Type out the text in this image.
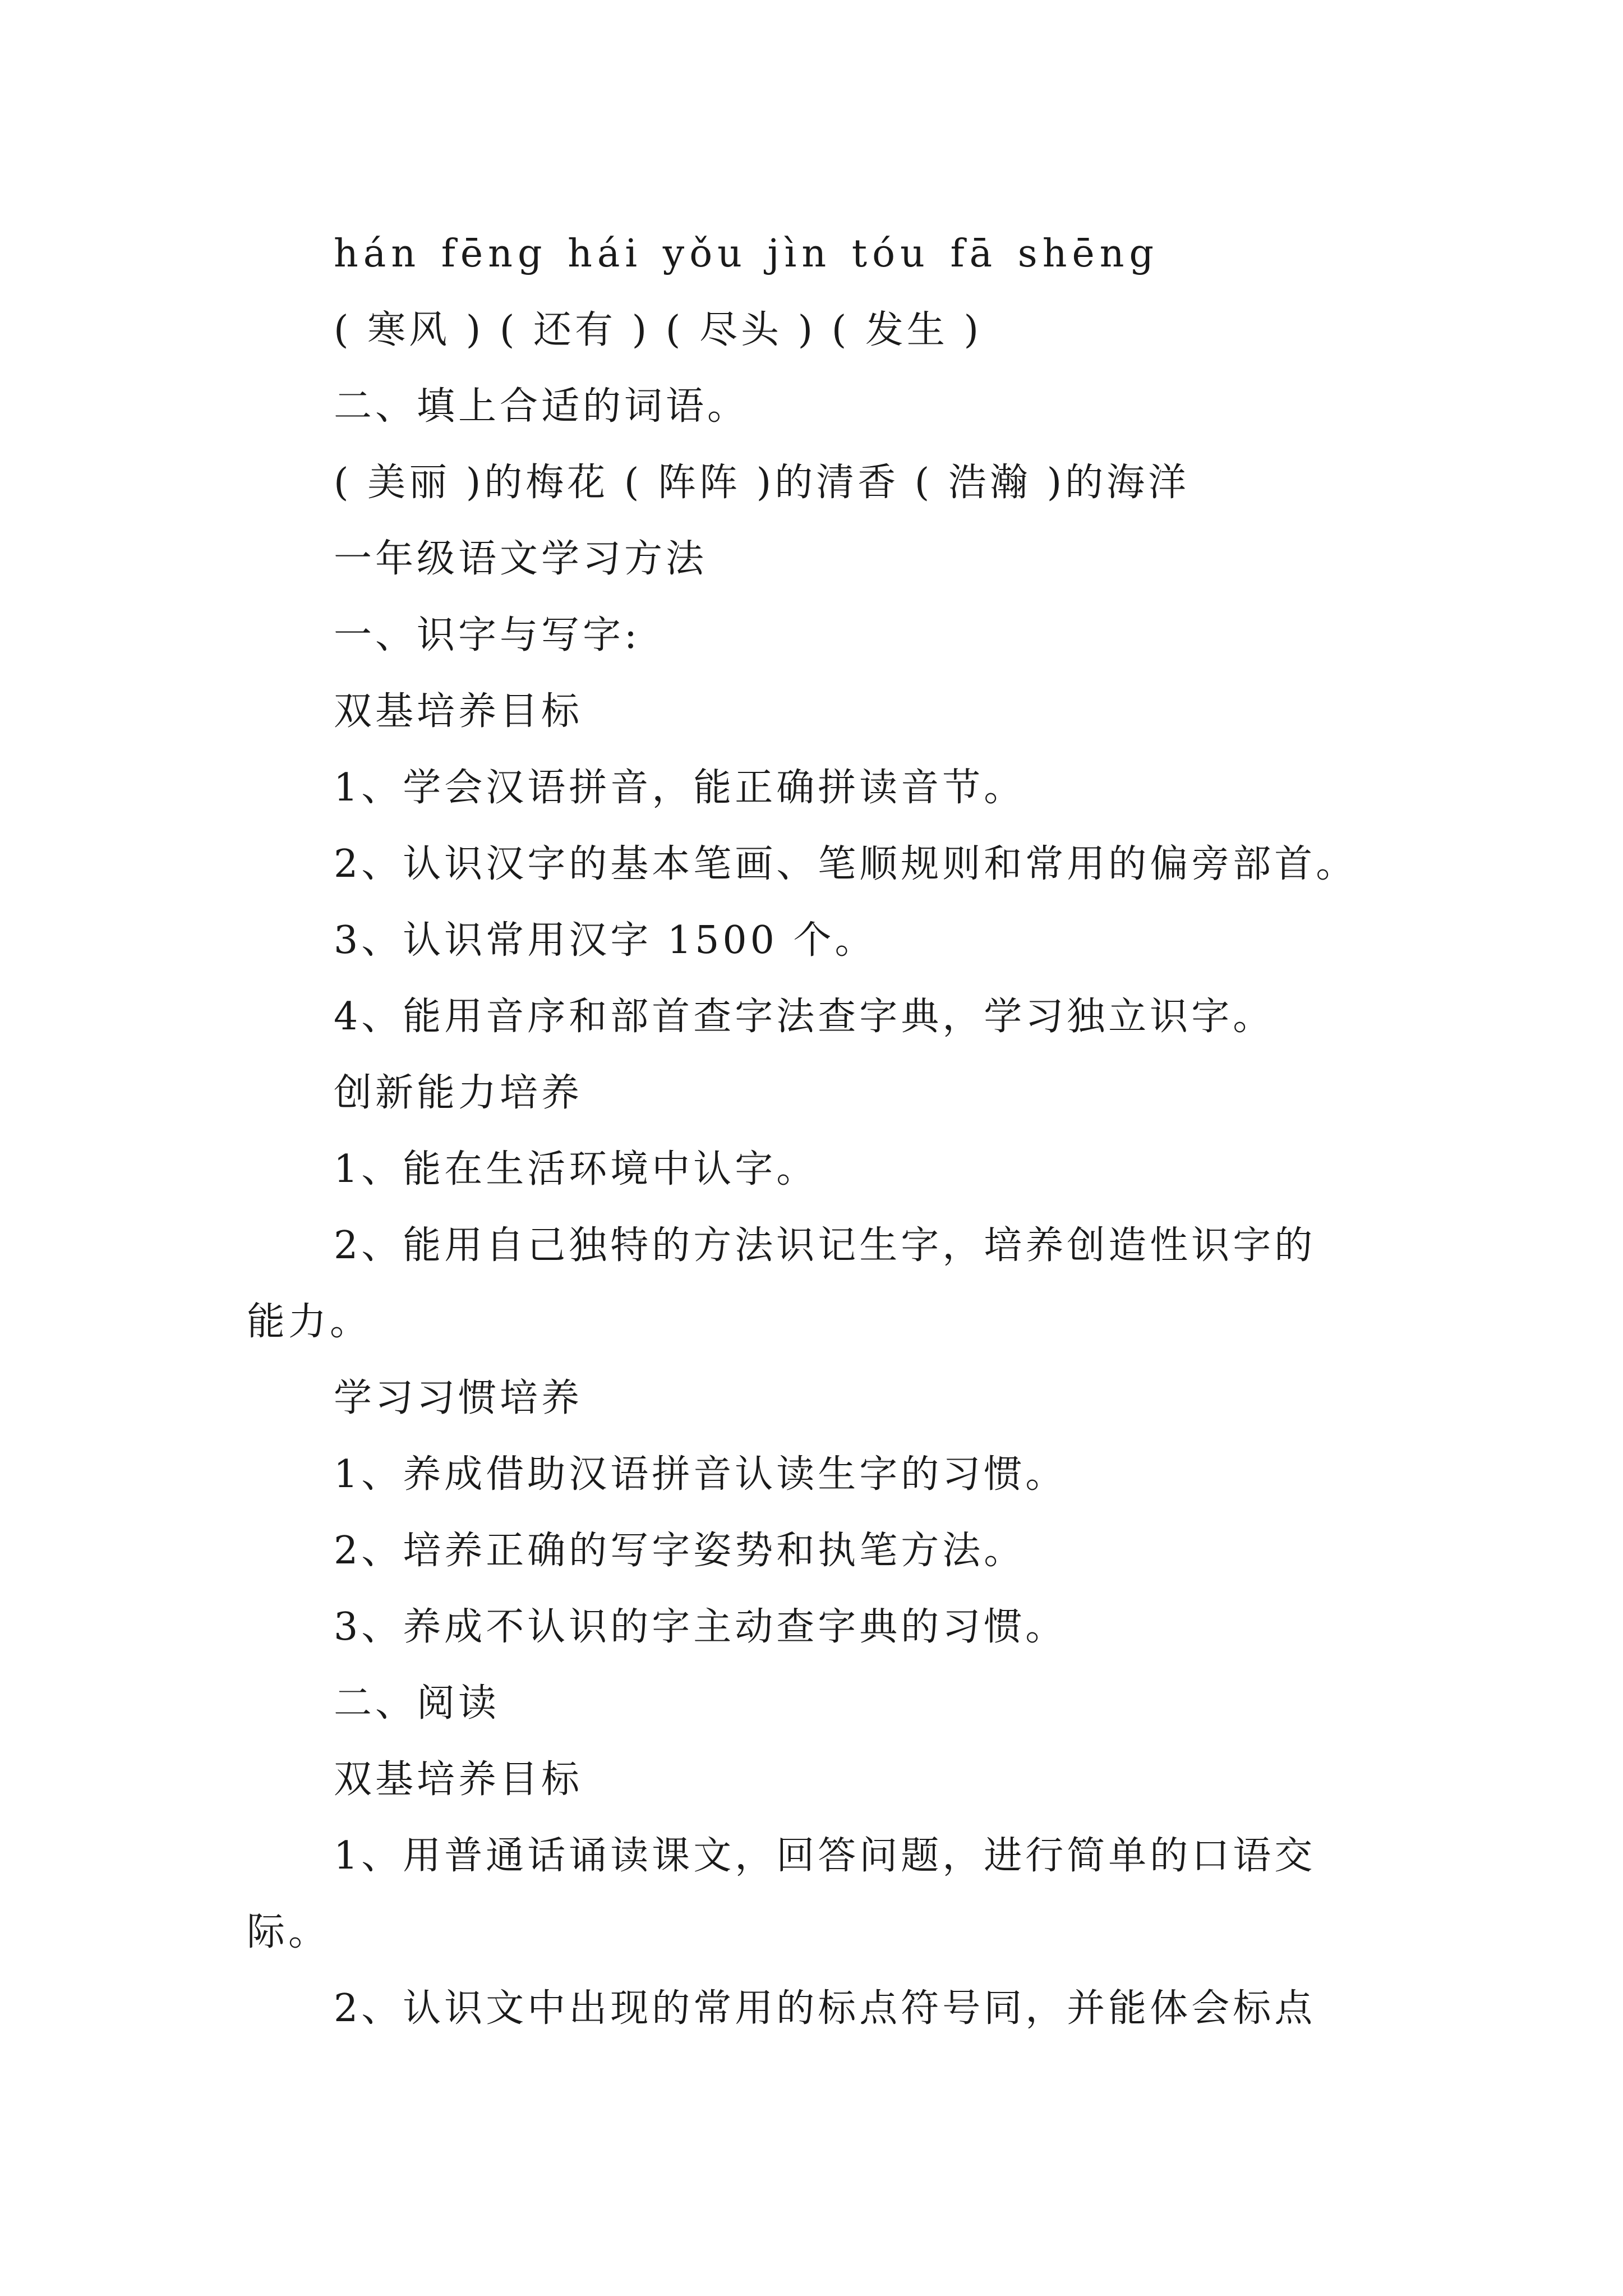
hán fēng hái yǒu jìn tóu fā shēng
( 寒风 ) ( 还有 ) ( 尽头 ) ( 发生 )
二、填上合适的词语。
( 美丽 )的梅花 ( 阵阵 )的清香 ( 浩瀚 )的海洋
一年级语文学习方法
一、识字与写字:
双基培养目标
1、学会汉语拼音，能正确拼读音节。
2、认识汉字的基本笔画、笔顺规则和常用的偏旁部首。
3、认识常用汉字 1500 个。
4、能用音序和部首查字法查字典，学习独立识字。
创新能力培养
1、能在生活环境中认字。
2、能用自己独特的方法识记生字，培养创造性识字的
能力。
学习习惯培养
1、养成借助汉语拼音认读生字的习惯。
2、培养正确的写字姿势和执笔方法。
3、养成不认识的字主动查字典的习惯。
二、阅读
双基培养目标
1、用普通话诵读课文，回答问题，进行简单的口语交
际。
2、认识文中出现的常用的标点符号同，并能体会标点
